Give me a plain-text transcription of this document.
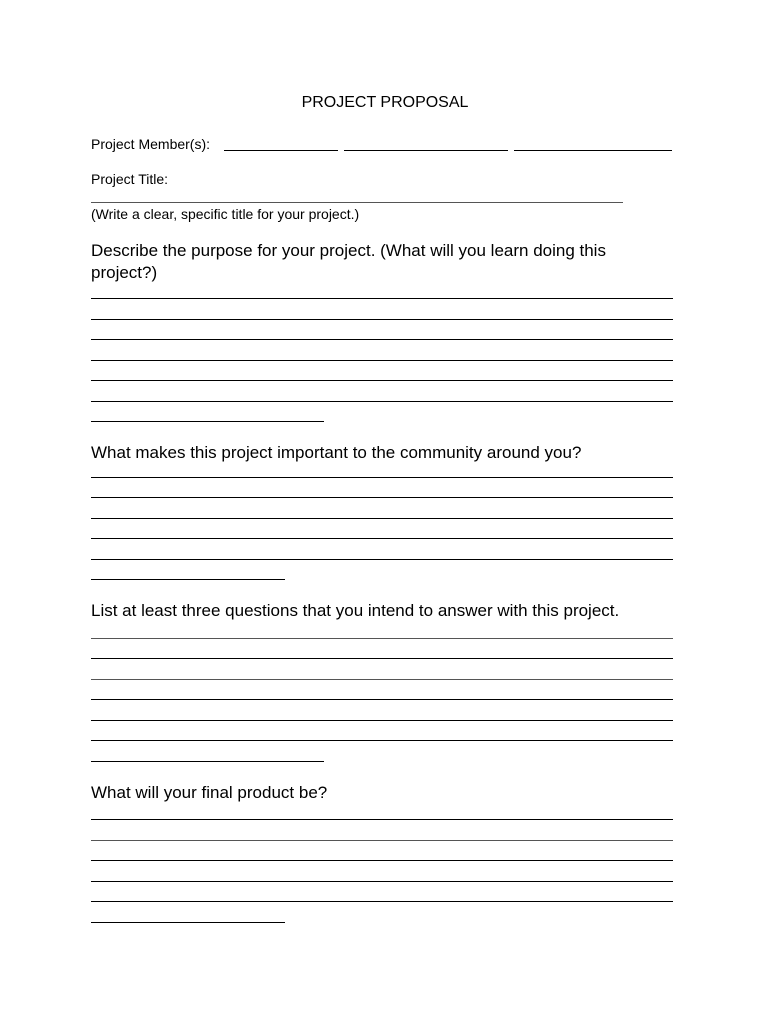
PROJECT PROPOSAL
Project Member(s):
Project Title:
(Write a clear, specific title for your project.)
Describe the purpose for your project. (What will you learn doing this project?)
What makes this project important to the community around you?
List at least three questions that you intend to answer with this project.
What will your final product be?
